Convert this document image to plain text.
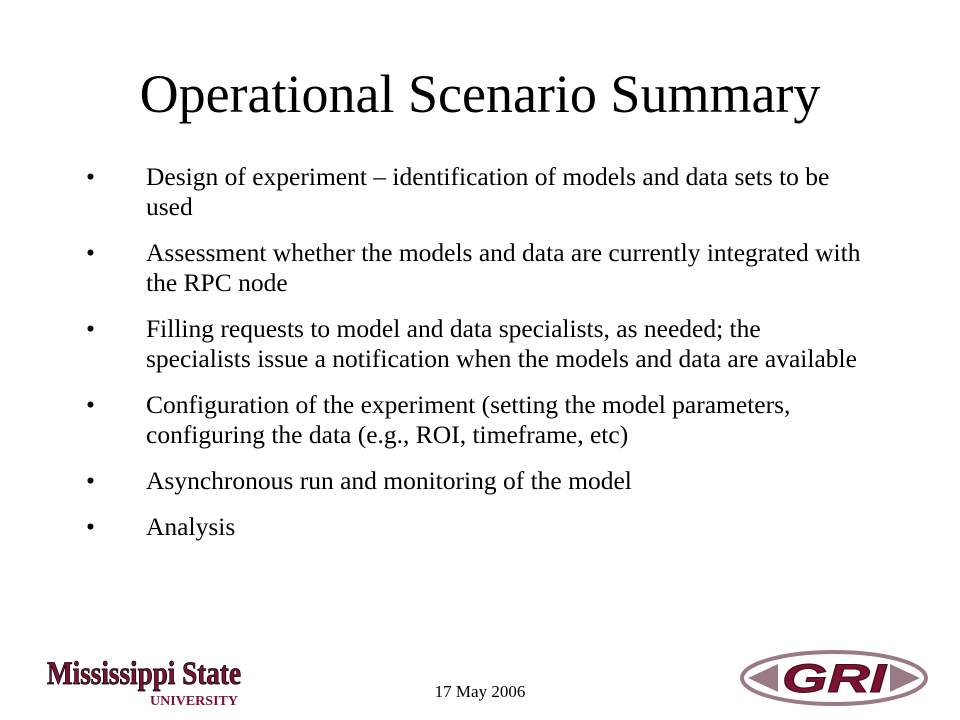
Operational Scenario Summary
•	Design of experiment – identification of models and data sets to be used
•	Assessment whether the models and data are currently integrated with the RPC node
•	Filling requests to model and data specialists, as needed; the specialists issue a notification when the models and data are available
•	Configuration of the experiment (setting the model parameters, configuring the data (e.g., ROI, timeframe, etc)
•	Asynchronous run and monitoring of the model
•	Analysis
Mississippi State
UNIVERSITY
17 May 2006	GRI
